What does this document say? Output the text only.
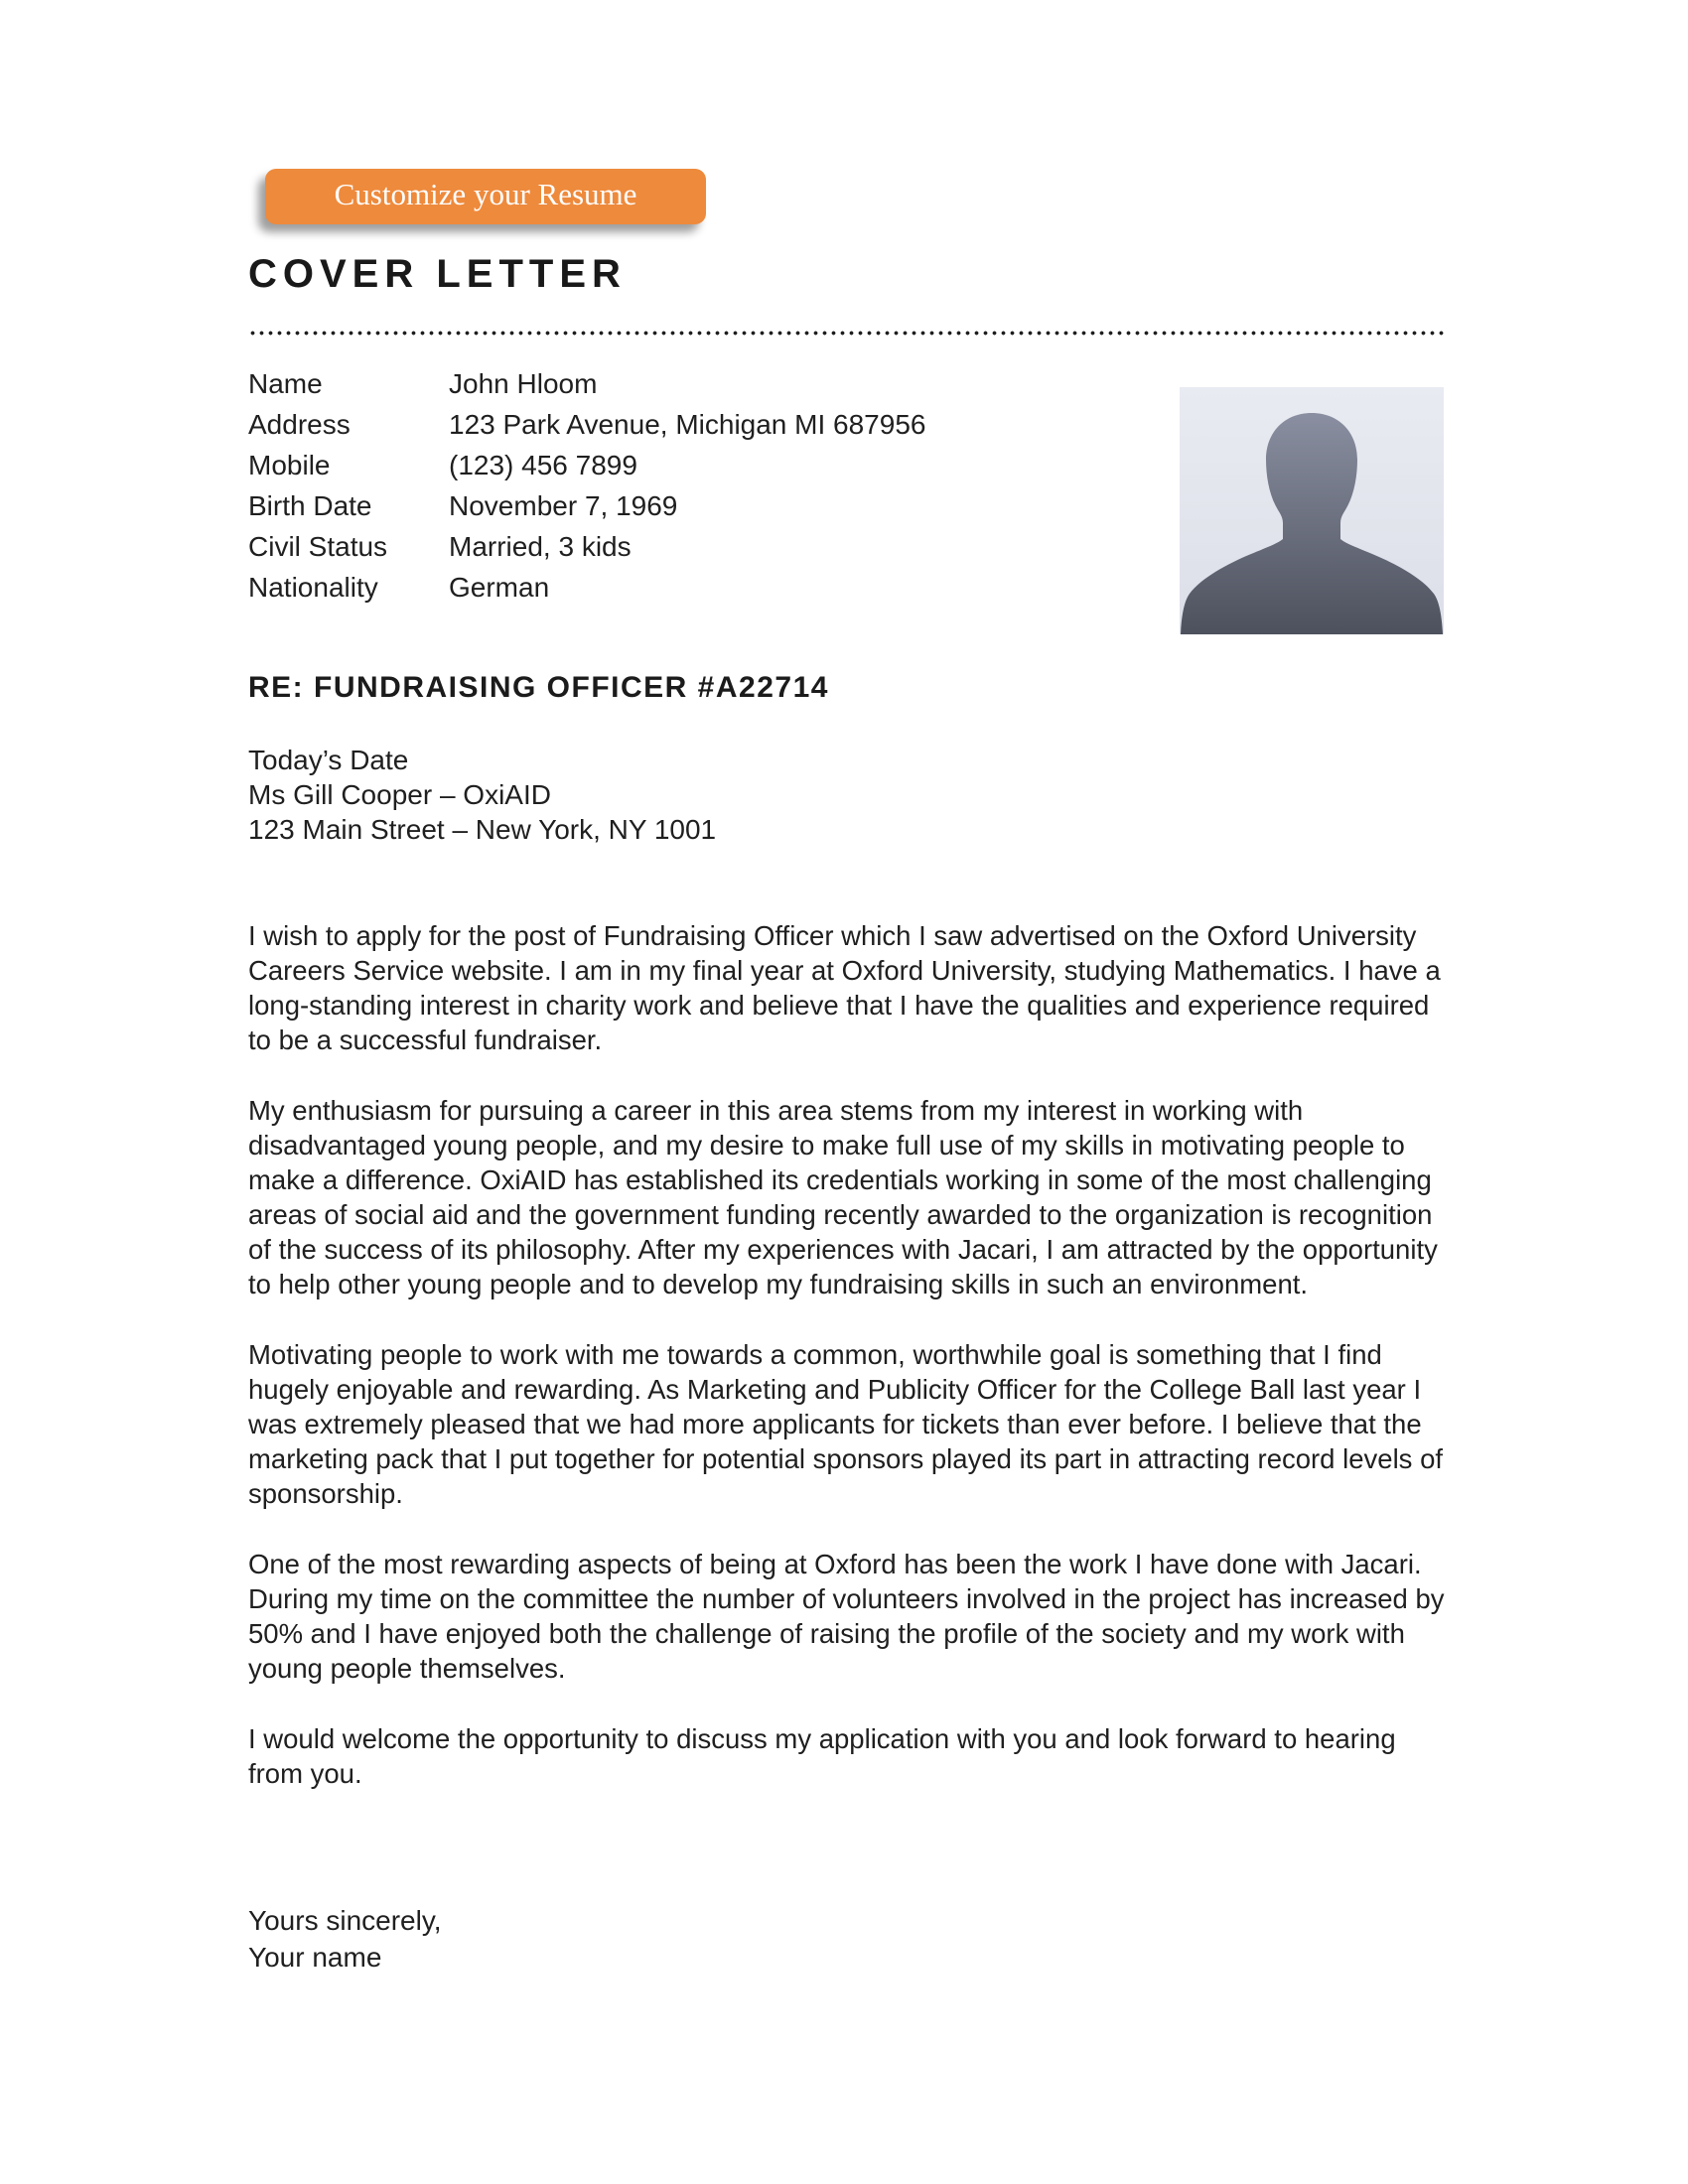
Customize your Resume
COVER LETTER
Name	John Hloom
Address	123 Park Avenue, Michigan MI 687956
Mobile	(123) 456 7899
Birth Date	November 7, 1969
Civil Status	Married, 3 kids
Nationality	German
RE: FUNDRAISING OFFICER #A22714
Today’s Date
Ms Gill Cooper – OxiAID
123 Main Street – New York, NY 1001

I wish to apply for the post of Fundraising Officer which I saw advertised on the Oxford University Careers Service website. I am in my final year at Oxford University, studying Mathematics. I have a long-standing interest in charity work and believe that I have the qualities and experience required to be a successful fundraiser.

My enthusiasm for pursuing a career in this area stems from my interest in working with disadvantaged young people, and my desire to make full use of my skills in motivating people to make a difference. OxiAID has established its credentials working in some of the most challenging areas of social aid and the government funding recently awarded to the organization is recognition of the success of its philosophy. After my experiences with Jacari, I am attracted by the opportunity to help other young people and to develop my fundraising skills in such an environment.

Motivating people to work with me towards a common, worthwhile goal is something that I find hugely enjoyable and rewarding. As Marketing and Publicity Officer for the College Ball last year I was extremely pleased that we had more applicants for tickets than ever before. I believe that the marketing pack that I put together for potential sponsors played its part in attracting record levels of sponsorship.

One of the most rewarding aspects of being at Oxford has been the work I have done with Jacari. During my time on the committee the number of volunteers involved in the project has increased by 50% and I have enjoyed both the challenge of raising the profile of the society and my work with young people themselves.

I would welcome the opportunity to discuss my application with you and look forward to hearing from you.

Yours sincerely,
Your name
